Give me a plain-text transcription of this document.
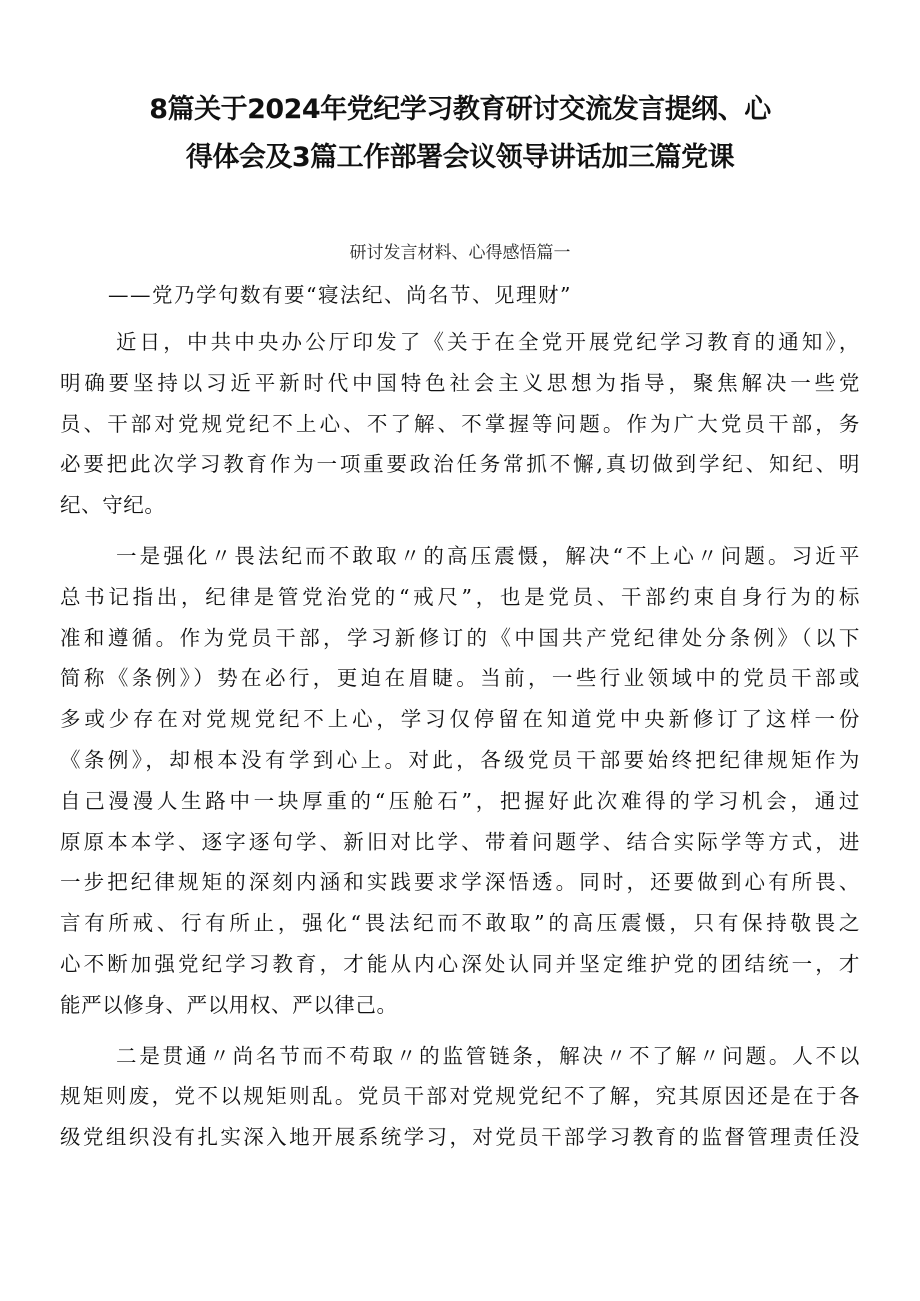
8篇关于2024年党纪学习教育研讨交流发言提纲、心
得体会及3篇工作部署会议领导讲话加三篇党课
研讨发言材料、心得感悟篇一
——党乃学句数有要“寝法纪、尚名节、见理财”
近日，中共中央办公厅印发了《关于在全党开展党纪学习教育的通知》，
明确要坚持以习近平新时代中国特色社会主义思想为指导，聚焦解决一些党
员、干部对党规党纪不上心、不了解、不掌握等问题。作为广大党员干部，务
必要把此次学习教育作为一项重要政治任务常抓不懈,真切做到学纪、知纪、明
纪、守纪。
一是强化〃畏法纪而不敢取〃的高压震慑，解决“不上心〃问题。习近平
总书记指出，纪律是管党治党的“戒尺”，也是党员、干部约束自身行为的标
准和遵循。作为党员干部，学习新修订的《中国共产党纪律处分条例》（以下
简称《条例》）势在必行，更迫在眉睫。当前，一些行业领域中的党员干部或
多或少存在对党规党纪不上心，学习仅停留在知道党中央新修订了这样一份
《条例》，却根本没有学到心上。对此，各级党员干部要始终把纪律规矩作为
自己漫漫人生路中一块厚重的“压舱石”，把握好此次难得的学习机会，通过
原原本本学、逐字逐句学、新旧对比学、带着问题学、结合实际学等方式，进
一步把纪律规矩的深刻内涵和实践要求学深悟透。同时，还要做到心有所畏、
言有所戒、行有所止，强化“畏法纪而不敢取”的高压震慑，只有保持敬畏之
心不断加强党纪学习教育，才能从内心深处认同并坚定维护党的团结统一，才
能严以修身、严以用权、严以律己。
二是贯通〃尚名节而不苟取〃的监管链条，解决〃不了解〃问题。人不以
规矩则废，党不以规矩则乱。党员干部对党规党纪不了解，究其原因还是在于各
级党组织没有扎实深入地开展系统学习，对党员干部学习教育的监督管理责任没
